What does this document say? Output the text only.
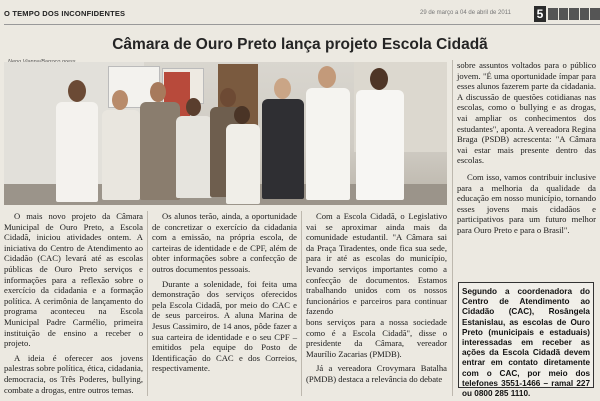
O TEMPO DOS INCONFIDENTES	29 de março a 04 de abril de 2011 5
Câmara de Ouro Preto lança projeto Escola Cidadã

O mais novo projeto da Câmara Municipal de Ouro Preto, a Escola Cidadã, iniciou atividades ontem. A iniciativa do Centro de Atendimento ao Cidadão (CAC) levará até as escolas públicas de Ouro Preto serviços e informações para a reflexão sobre o exercício da cidadania e a formação política. A cerimônia de lançamento do programa aconteceu na Escola Municipal Padre Carmélio, primeira instituição de ensino a receber o projeto.

A ideia é oferecer aos jovens palestras sobre política, ética, cidadania, democracia, os Três Poderes, bullying, combate a drogas, entre outros temas.

Os alunos terão, ainda, a oportunidade de concretizar o exercício da cidadania com a emissão, na própria escola, de carteiras de identidade e de CPF, além de obter informações sobre a confecção de outros documentos pessoais.

Durante a solenidade, foi feita uma demonstração dos serviços oferecidos pela Escola Cidadã, por meio do CAC e de seus parceiros. A aluna Marina de Jesus Cassimiro, de 14 anos, pôde fazer a sua carteira de identidade e o seu CPF – emitidos pela equipe do Posto de Identificação do CAC e dos Correios, respectivamente.

Com a Escola Cidadã, o Legislativo vai se aproximar ainda mais da comunidade estudantil. "A Câmara sai da Praça Tiradentes, onde fica sua sede, para ir até as escolas do município, levando serviços importantes como a confecção de documentos. Estamos trabalhando unidos com os nossos funcionários e parceiros para continuar fazendo

bons serviços para a nossa sociedade como é a Escola Cidadã", disse o presidente da Câmara, vereador Maurílio Zacarias (PMDB).

Já a vereadora Crovymara Batalha (PMDB) destaca a relevância do debate

sobre assuntos voltados para o público jovem. "É uma oportunidade ímpar para esses alunos fazerem parte da cidadania. A discussão de questões cotidianas nas escolas, como o bullying e as drogas, vai ampliar os conhecimentos dos estudantes", aponta. A vereadora Regina Braga (PSDB) acrescenta: "A Câmara vai estar mais presente dentro das escolas.

Com isso, vamos contribuir inclusive para a melhoria da qualidade da educação em nosso município, tornando esses jovens mais cidadãos e participativos para um futuro melhor para Ouro Preto e para o Brasil".

Segundo a coordenadora do Centro de Atendimento ao Cidadão (CAC), Rosângela Estanislau, as escolas de Ouro Preto (municipais e estaduais) interessadas em receber as ações da Escola Cidadã devem entrar em contato diretamente com o CAC, por meio dos telefones 3551-1466 – ramal 227 ou 0800 285 1110.
